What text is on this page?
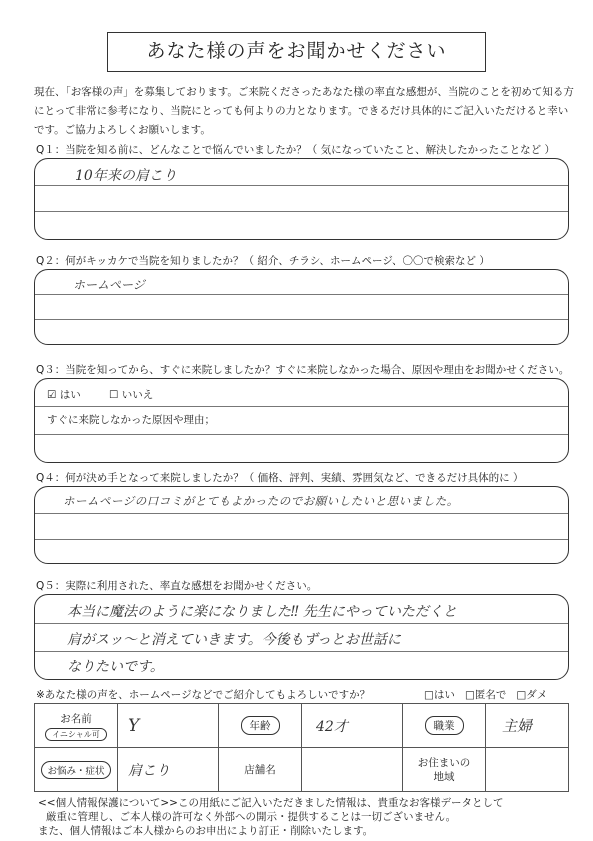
あなた様の声をお聞かせください
現在、「お客様の声」を募集しております。ご来院くださったあなた様の率直な感想が、当院のことを初めて知る方にとって非常に参考になり、当院にとっても何よりの力となります。できるだけ具体的にご記入いただけると幸いです。ご協力よろしくお願いします。
Q１：当院を知る前に、どんなことで悩んでいましたか？（ 気になっていたこと、解決したかったことなど ）
10年来の肩こり
Q２：何がキッカケで当院を知りましたか？（ 紹介、チラシ、ホームページ、〇〇で検索など ）
ホームページ
Q３：当院を知ってから、すぐに来院しましたか？すぐに来院しなかった場合、原因や理由をお聞かせください。
☑ はい	☐ いいえ
すぐに来院しなかった原因や理由；
Q４：何が決め手となって来院しましたか？（ 価格、評判、実績、雰囲気など、できるだけ具体的に ）
ホームページの口コミがとてもよかったのでお願いしたいと思いました。
Q５：実際に利用された、率直な感想をお聞かせください。
本当に魔法のように楽になりました‼ 先生にやっていただくと
肩がスッ〜と消えていきます。今後もずっとお世話に
なりたいです。
※あなた様の声を、ホームページなどでご紹介してもよろしいですか？	□はい □匿名で □ダメ
お名前
イニシャル可	Y	年齢	42才	職業	主婦
お悩み・症状	肩こり	店舗名		お住まいの
地域	
<<個人情報保護について>>この用紙にご記入いただきました情報は、貴重なお客様データとして
厳重に管理し、ご本人様の許可なく外部への開示・提供することは一切ございません。
また、個人情報はご本人様からのお申出により訂正・削除いたします。
